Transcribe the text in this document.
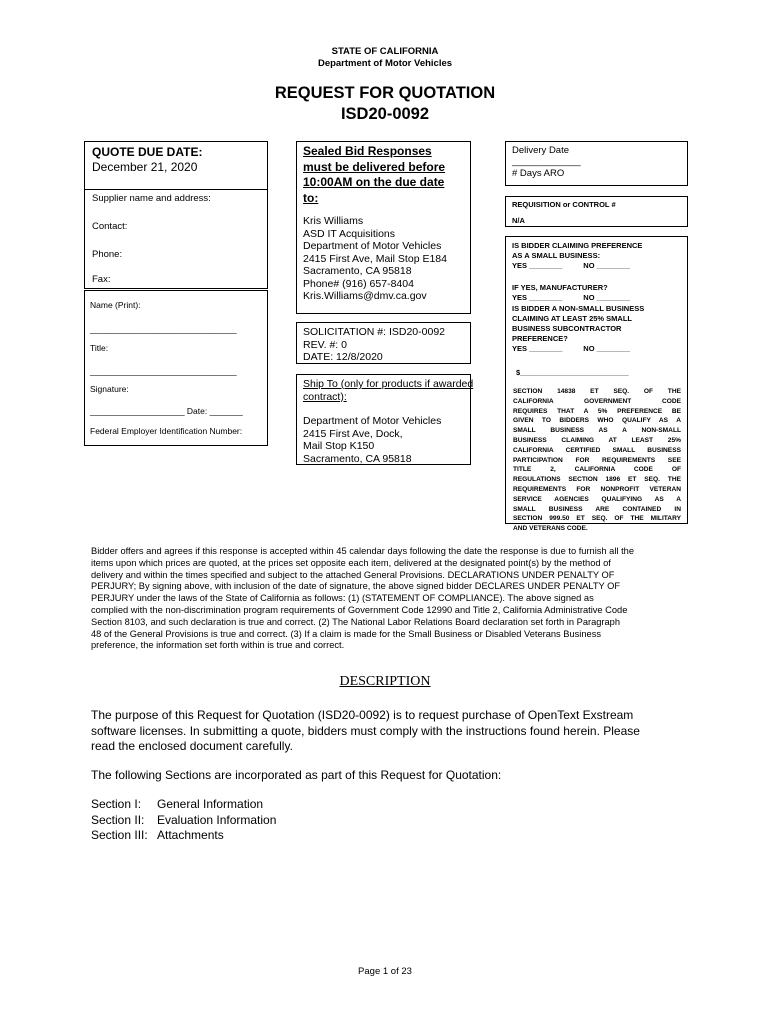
STATE OF CALIFORNIA
Department of Motor Vehicles
REQUEST FOR QUOTATION
ISD20-0092
QUOTE DUE DATE:
December 21, 2020
Supplier name and address:
Contact:
Phone:
Fax:
Name (Print):
_______________________________
Title:
_______________________________
Signature:
____________________ Date: _______
Federal Employer Identification Number:
Sealed Bid Responses
must be delivered before
10:00AM on the due date
to:
Kris Williams
ASD IT Acquisitions
Department of Motor Vehicles
2415 First Ave, Mail Stop E184
Sacramento, CA 95818
Phone# (916) 657-8404
Kris.Williams@dmv.ca.gov
SOLICITATION #: ISD20-0092
REV. #: 0
DATE: 12/8/2020
Ship To (only for products if awarded
contract):
Department of Motor Vehicles
2415 First Ave, Dock,
Mail Stop K150
Sacramento, CA 95818
Delivery Date
_____________
# Days ARO
REQUISITION or CONTROL #
N/A
IS BIDDER CLAIMING PREFERENCE
AS A SMALL BUSINESS:
YES ________          NO ________
IF YES, MANUFACTURER?
YES ________          NO ________
IS BIDDER A NON-SMALL BUSINESS
CLAIMING AT LEAST 25% SMALL
BUSINESS SUBCONTRACTOR
PREFERENCE?
YES ________          NO ________
$__________________________
SECTION 14838 ET SEQ. OF THE
CALIFORNIA GOVERNMENT CODE
REQUIRES THAT A 5% PREFERENCE BE
GIVEN TO BIDDERS WHO QUALIFY AS A
SMALL BUSINESS AS A NON-SMALL
BUSINESS CLAIMING AT LEAST 25%
CALIFORNIA CERTIFIED SMALL BUSINESS
PARTICIPATION FOR REQUIREMENTS SEE
TITLE 2, CALIFORNIA CODE OF
REGULATIONS SECTION 1896 ET SEQ. THE
REQUIREMENTS FOR NONPROFIT VETERAN
SERVICE AGENCIES QUALIFYING AS A
SMALL BUSINESS ARE CONTAINED IN
SECTION 999.50 ET SEQ. OF THE MILITARY
AND VETERANS CODE.
Bidder offers and agrees if this response is accepted within 45 calendar days following the date the response is due to furnish all the
items upon which prices are quoted, at the prices set opposite each item, delivered at the designated point(s) by the method of
delivery and within the times specified and subject to the attached General Provisions. DECLARATIONS UNDER PENALTY OF
PERJURY; By signing above, with inclusion of the date of signature, the above signed bidder DECLARES UNDER PENALTY OF
PERJURY under the laws of the State of California as follows: (1) (STATEMENT OF COMPLIANCE). The above signed as
complied with the non-discrimination program requirements of Government Code 12990 and Title 2, California Administrative Code
Section 8103, and such declaration is true and correct. (2) The National Labor Relations Board declaration set forth in Paragraph
48 of the General Provisions is true and correct. (3) If a claim is made for the Small Business or Disabled Veterans Business
preference, the information set forth within is true and correct.
DESCRIPTION
The purpose of this Request for Quotation (ISD20-0092) is to request purchase of OpenText Exstream
software licenses. In submitting a quote, bidders must comply with the instructions found herein. Please
read the enclosed document carefully.
The following Sections are incorporated as part of this Request for Quotation:
Section I:	General Information
Section II:	Evaluation Information
Section III: Attachments
Page 1 of 23
